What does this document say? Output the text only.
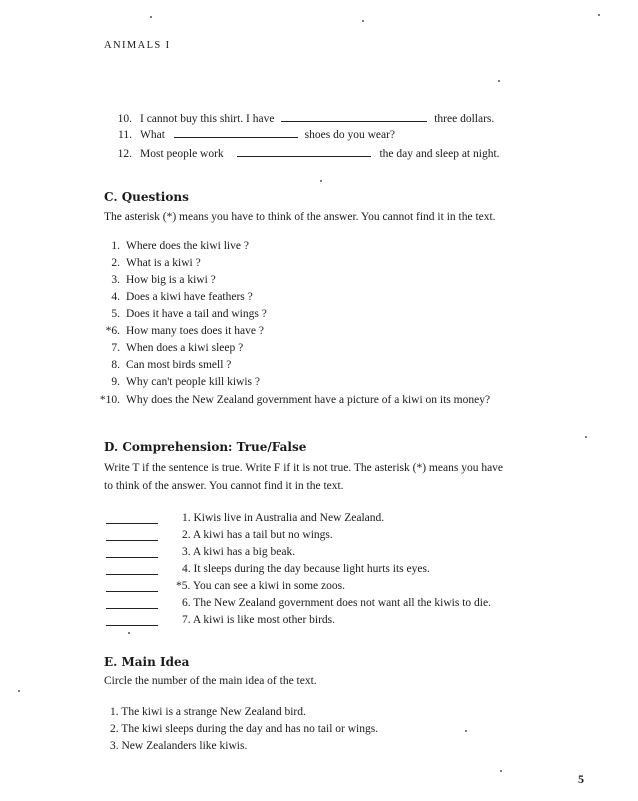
ANIMALS I
10. I cannot buy this shirt. I have	three dollars.
11. What	shoes do you wear?
12. Most people work	the day and sleep at night.
C. Questions
The asterisk (*) means you have to think of the answer. You cannot find it in the text.
1. Where does the kiwi live ?
2. What is a kiwi ?
3. How big is a kiwi ?
4. Does a kiwi have feathers ?
5. Does it have a tail and wings ?
*6. How many toes does it have ?
7. When does a kiwi sleep ?
8. Can most birds smell ?
9. Why can't people kill kiwis ?
*10. Why does the New Zealand government have a picture of a kiwi on its money?
D. Comprehension: True/False
Write T if the sentence is true. Write F if it is not true. The asterisk (*) means you have
to think of the answer. You cannot find it in the text.
1. Kiwis live in Australia and New Zealand.
2. A kiwi has a tail but no wings.
3. A kiwi has a big beak.
4. It sleeps during the day because light hurts its eyes.
*5. You can see a kiwi in some zoos.
6. The New Zealand government does not want all the kiwis to die.
7. A kiwi is like most other birds.
E. Main Idea
Circle the number of the main idea of the text.
1. The kiwi is a strange New Zealand bird.
2. The kiwi sleeps during the day and has no tail or wings.
3. New Zealanders like kiwis.
5
